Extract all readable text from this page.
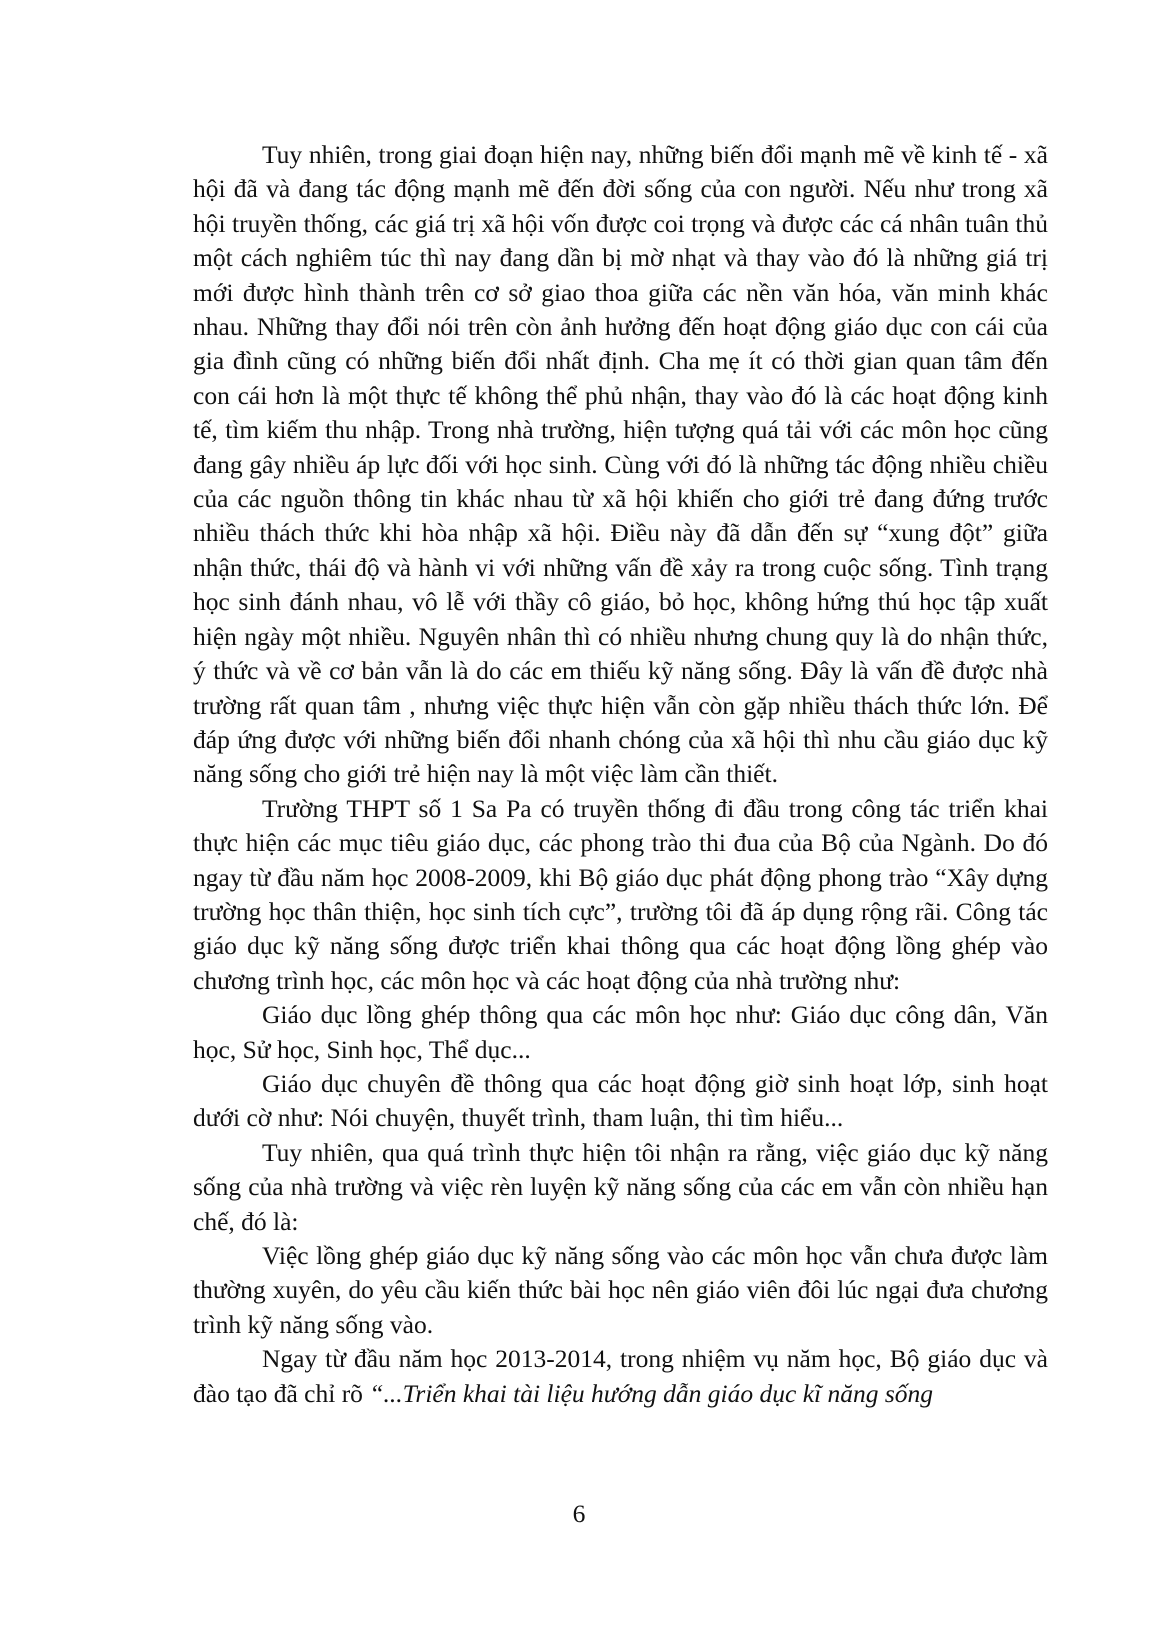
Tuy nhiên, trong giai đoạn hiện nay, những biến đổi mạnh mẽ về kinh tế - xã hội đã và đang tác động mạnh mẽ đến đời sống của con người. Nếu như trong xã hội truyền thống, các giá trị xã hội vốn được coi trọng và được các cá nhân tuân thủ một cách nghiêm túc thì nay đang dần bị mờ nhạt và thay vào đó là những giá trị mới được hình thành trên cơ sở giao thoa giữa các nền văn hóa, văn minh khác nhau. Những thay đổi nói trên còn ảnh hưởng đến hoạt động giáo dục con cái của gia đình cũng có những biến đổi nhất định. Cha mẹ ít có thời gian quan tâm đến con cái hơn là một thực tế không thể phủ nhận, thay vào đó là các hoạt động kinh tế, tìm kiếm thu nhập. Trong nhà trường, hiện tượng quá tải với các môn học cũng đang gây nhiều áp lực đối với học sinh. Cùng với đó là những tác động nhiều chiều của các nguồn thông tin khác nhau từ xã hội khiến cho giới trẻ đang đứng trước nhiều thách thức khi hòa nhập xã hội. Điều này đã dẫn đến sự “xung đột” giữa nhận thức, thái độ và hành vi với những vấn đề xảy ra trong cuộc sống. Tình trạng học sinh đánh nhau, vô lễ với thầy cô giáo, bỏ học, không hứng thú học tập xuất hiện ngày một nhiều. Nguyên nhân thì có nhiều nhưng chung quy là do nhận thức, ý thức và về cơ bản vẫn là do các em thiếu kỹ năng sống. Đây là vấn đề được nhà trường rất quan tâm , nhưng việc thực hiện vẫn còn gặp nhiều thách thức lớn. Để đáp ứng được với những biến đổi nhanh chóng của xã hội thì nhu cầu giáo dục kỹ năng sống cho giới trẻ hiện nay là một việc làm cần thiết.

Trường THPT số 1 Sa Pa có truyền thống đi đầu trong công tác triển khai thực hiện các mục tiêu giáo dục, các phong trào thi đua của Bộ của Ngành. Do đó ngay từ đầu năm học 2008-2009, khi Bộ giáo dục phát động phong trào “Xây dựng trường học thân thiện, học sinh tích cực”, trường tôi đã áp dụng rộng rãi. Công tác giáo dục kỹ năng sống được triển khai thông qua các hoạt động lồng ghép vào chương trình học, các môn học và các hoạt động của nhà trường như:

Giáo dục lồng ghép thông qua các môn học như: Giáo dục công dân, Văn học, Sử học, Sinh học, Thể dục...

Giáo dục chuyên đề thông qua các hoạt động giờ sinh hoạt lớp, sinh hoạt dưới cờ như: Nói chuyện, thuyết trình, tham luận, thi tìm hiểu...

Tuy nhiên, qua quá trình thực hiện tôi nhận ra rằng, việc giáo dục kỹ năng sống của nhà trường và việc rèn luyện kỹ năng sống của các em vẫn còn nhiều hạn chế, đó là:

Việc lồng ghép giáo dục kỹ năng sống vào các môn học vẫn chưa được làm thường xuyên, do yêu cầu kiến thức bài học nên giáo viên đôi lúc ngại đưa chương trình kỹ năng sống vào.

Ngay từ đầu năm học 2013-2014, trong nhiệm vụ năm học, Bộ giáo dục và đào tạo đã chỉ rõ “...Triển khai tài liệu hướng dẫn giáo dục kĩ năng sống

6
